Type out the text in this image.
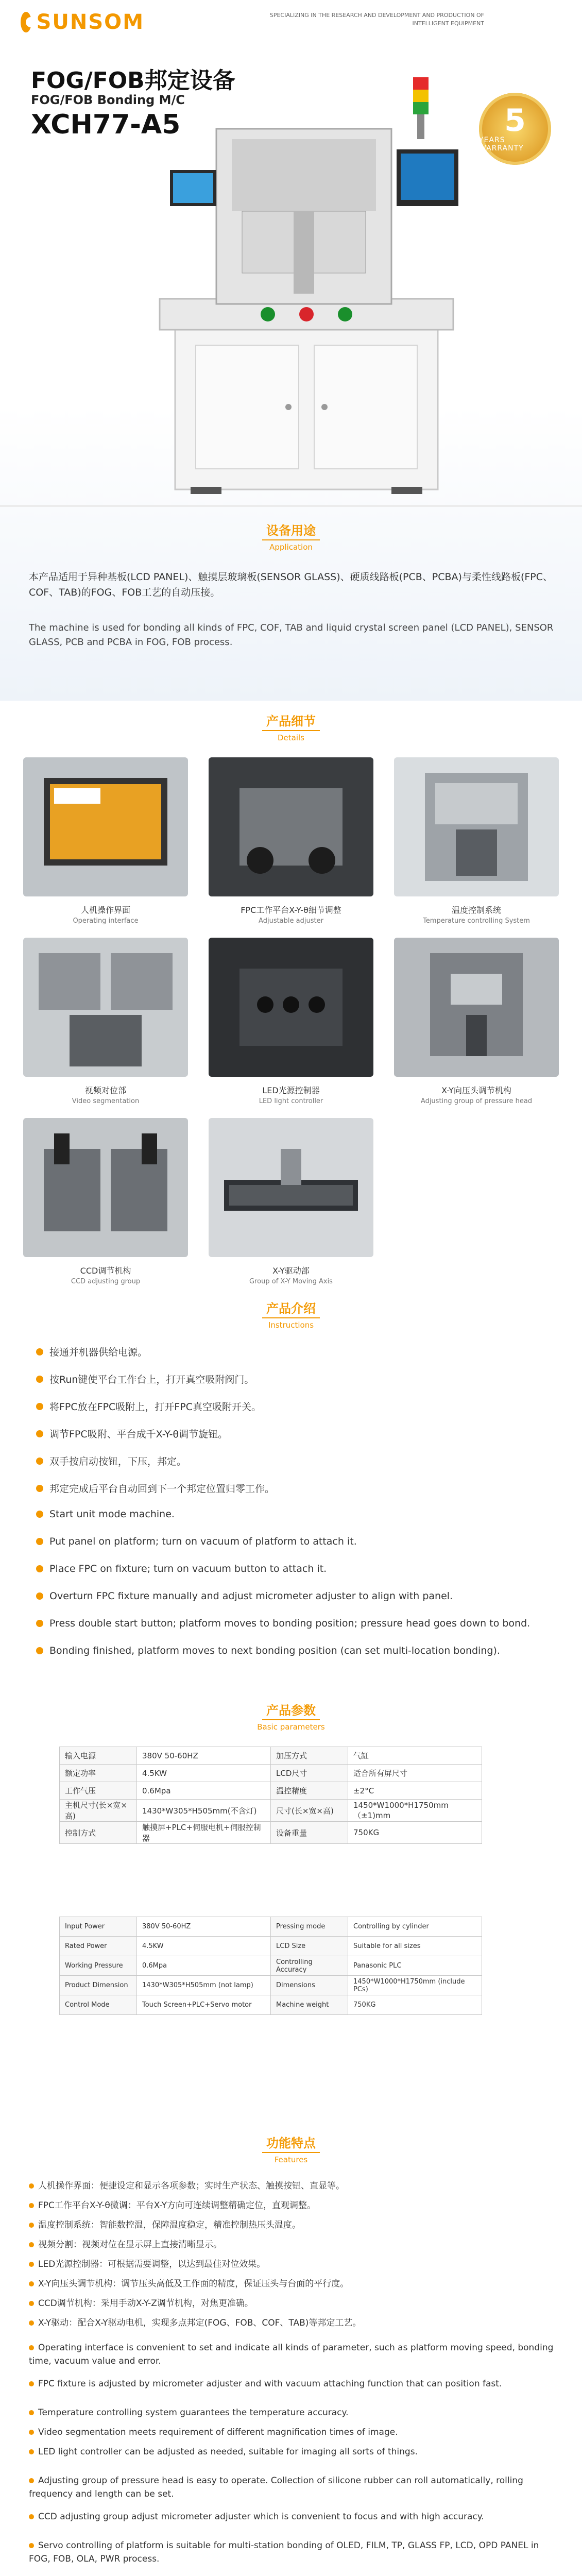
SUNSOM	SPECIALIZING IN THE RESEARCH AND DEVELOPMENT AND PRODUCTION OF INTELLIGENT EQUIPMENT
FOG/FOB邦定设备
FOG/FOB Bonding M/C
XCH77-A5	5
YEARS WARRANTY
设备用途
Application
本产品适用于异种基板(LCD PANEL)、触摸层玻璃板(SENSOR GLASS)、硬质线路板(PCB、PCBA)与柔性线路板(FPC、COF、TAB)的FOG、FOB工艺的自动压接。
The machine is used for bonding all kinds of FPC, COF, TAB and liquid crystal screen panel (LCD PANEL), SENSOR GLASS, PCB and PCBA in FOG, FOB process.
产品细节
Details
人机操作界面
Operating interface
FPC工作平台X-Y-θ细节调整
Adjustable adjuster
温度控制系统
Temperature controlling System
视频对位部
Video segmentation
LED光源控制器
LED light controller
X-Y向压头调节机构
Adjusting group of pressure head
CCD调节机构
CCD adjusting group
X-Y驱动部
Group of X-Y Moving Axis
产品介绍
Instructions
接通并机器供给电源。
按Run键使平台工作台上，打开真空吸附阀门。
将FPC放在FPC吸附上，打开FPC真空吸附开关。
调节FPC吸附、平台成千X-Y-θ调节旋钮。
双手按启动按钮，下压，邦定。
邦定完成后平台自动回到下一个邦定位置归零工作。
Start unit mode machine.
Put panel on platform; turn on vacuum of platform to attach it.
Place FPC on fixture; turn on vacuum button to attach it.
Overturn FPC fixture manually and adjust micrometer adjuster to align with panel.
Press double start button; platform moves to bonding position; pressure head goes down to bond.
Bonding finished, platform moves to next bonding position (can set multi-location bonding).
产品参数
Basic parameters
输入电源	380V 50-60HZ	加压方式	气缸
额定功率	4.5KW	LCD尺寸	适合所有屏尺寸
工作气压	0.6Mpa	温控精度	±2°C
主机尺寸(长×宽×高)	1430*W305*H505mm(不含灯)	尺寸(长×宽×高)	1450*W1000*H1750mm（±1)mm
控制方式	触摸屏+PLC+伺服电机+伺服控制器	设备重量	750KG
Input Power	380V 50-60HZ	Pressing mode	Controlling by cylinder
Rated Power	4.5KW	LCD Size	Suitable for all sizes
Working Pressure	0.6Mpa	Controlling Accuracy	Panasonic PLC
Product Dimension	1430*W305*H505mm (not lamp)	Dimensions	1450*W1000*H1750mm (include PCs)
Control Mode	Touch Screen+PLC+Servo motor	Machine weight	750KG
功能特点
Features
人机操作界面：便捷设定和显示各项参数；实时生产状态、触摸按钮、直显等。
FPC工作平台X-Y-θ微调：平台X-Y方向可连续调整精确定位，直观调整。
温度控制系统：智能数控温，保障温度稳定，精准控制热压头温度。
视频分割：视频对位在显示屏上直接清晰显示。
LED光源控制器：可根据需要调整，以达到最佳对位效果。
X-Y向压头调节机构：调节压头高低及工作面的精度，保证压头与台面的平行度。
CCD调节机构：采用手动X-Y-Z调节机构，对焦更准确。
X-Y驱动：配合X-Y驱动电机，实现多点邦定(FOG、FOB、COF、TAB)等邦定工艺。
Operating interface is convenient to set and indicate all kinds of parameter, such as platform moving speed, bonding time, vacuum value and error.
FPC fixture is adjusted by micrometer adjuster and with vacuum attaching function that can position fast.
Temperature controlling system guarantees the temperature accuracy.
Video segmentation meets requirement of different magnification times of image.
LED light controller can be adjusted as needed, suitable for imaging all sorts of things.
Adjusting group of pressure head is easy to operate. Collection of silicone rubber can roll automatically, rolling frequency and length can be set.
CCD adjusting group adjust micrometer adjuster which is convenient to focus and with high accuracy.
Servo controlling of platform is suitable for multi-station bonding of OLED, FILM, TP, GLASS FP, LCD, OPD PANEL in FOG, FOB, OLA, PWR process.
